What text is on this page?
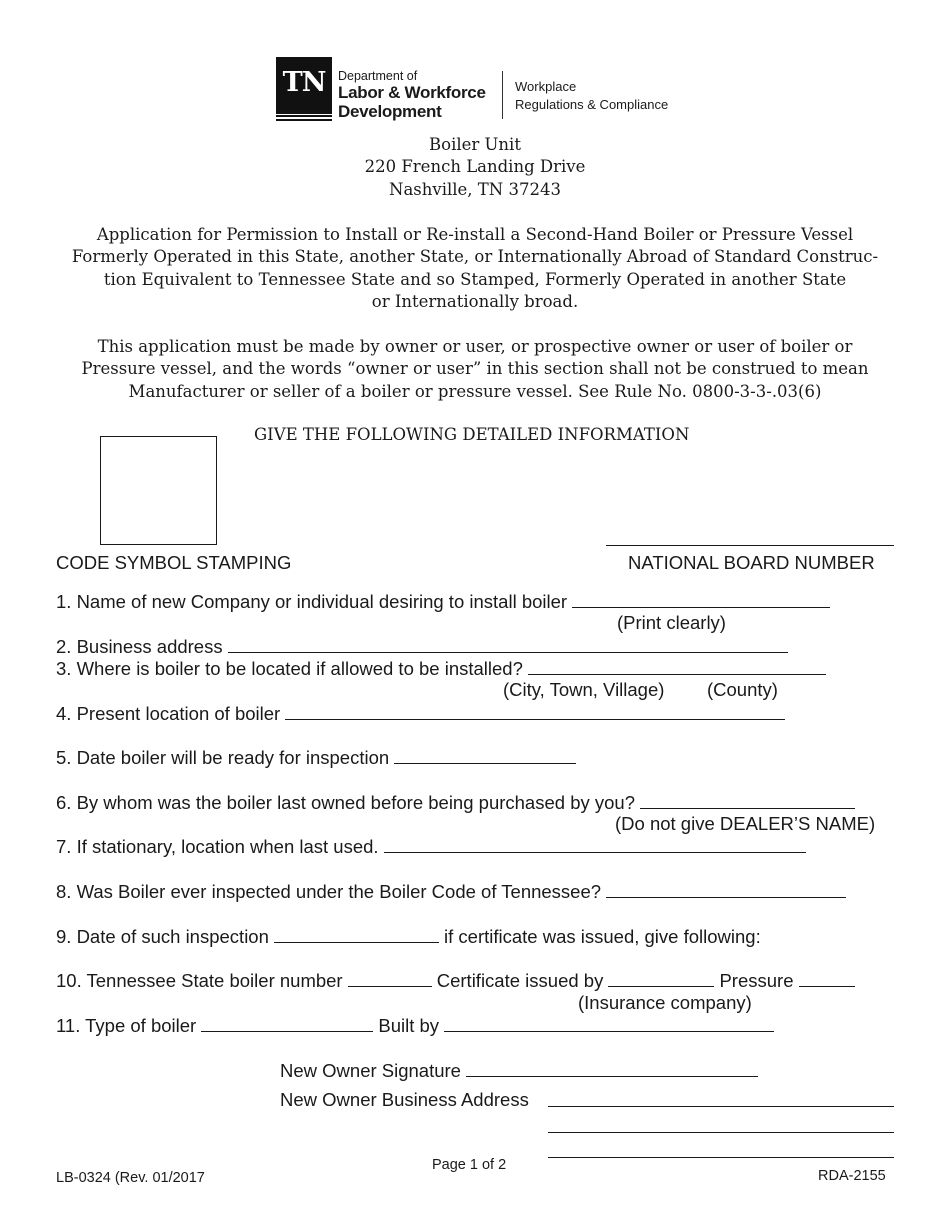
TN	Department of
Labor & Workforce
Development
Workplace
Regulations & Compliance
Boiler Unit
220 French Landing Drive
Nashville, TN 37243
Application for Permission to Install or Re-install a Second-Hand Boiler or Pressure Vessel
Formerly Operated in this State, another State, or Internationally Abroad of Standard Construc-
tion Equivalent to Tennessee State and so Stamped, Formerly Operated in another State
or Internationally broad.
This application must be made by owner or user, or prospective owner or user of boiler or
Pressure vessel, and the words “owner or user” in this section shall not be construed to mean
Manufacturer or seller of a boiler or pressure vessel. See Rule No. 0800-3-3-.03(6)
GIVE THE FOLLOWING DETAILED INFORMATION
CODE SYMBOL STAMPING	NATIONAL BOARD NUMBER
1. Name of new Company or individual desiring to install boiler
(Print clearly)
2. Business address
3. Where is boiler to be located if allowed to be installed?
(City, Town, Village) (County)
4. Present location of boiler
5. Date boiler will be ready for inspection
6. By whom was the boiler last owned before being purchased by you?
(Do not give DEALER’S NAME)
7. If stationary, location when last used.
8. Was Boiler ever inspected under the Boiler Code of Tennessee?
9. Date of such inspection	if certificate was issued, give following:
10. Tennessee State boiler number	Certificate issued by	Pressure
(Insurance company)
11. Type of boiler	Built by
New Owner Signature
New Owner Business Address
LB-0324 (Rev. 01/2017
Page 1 of 2
RDA-2155
